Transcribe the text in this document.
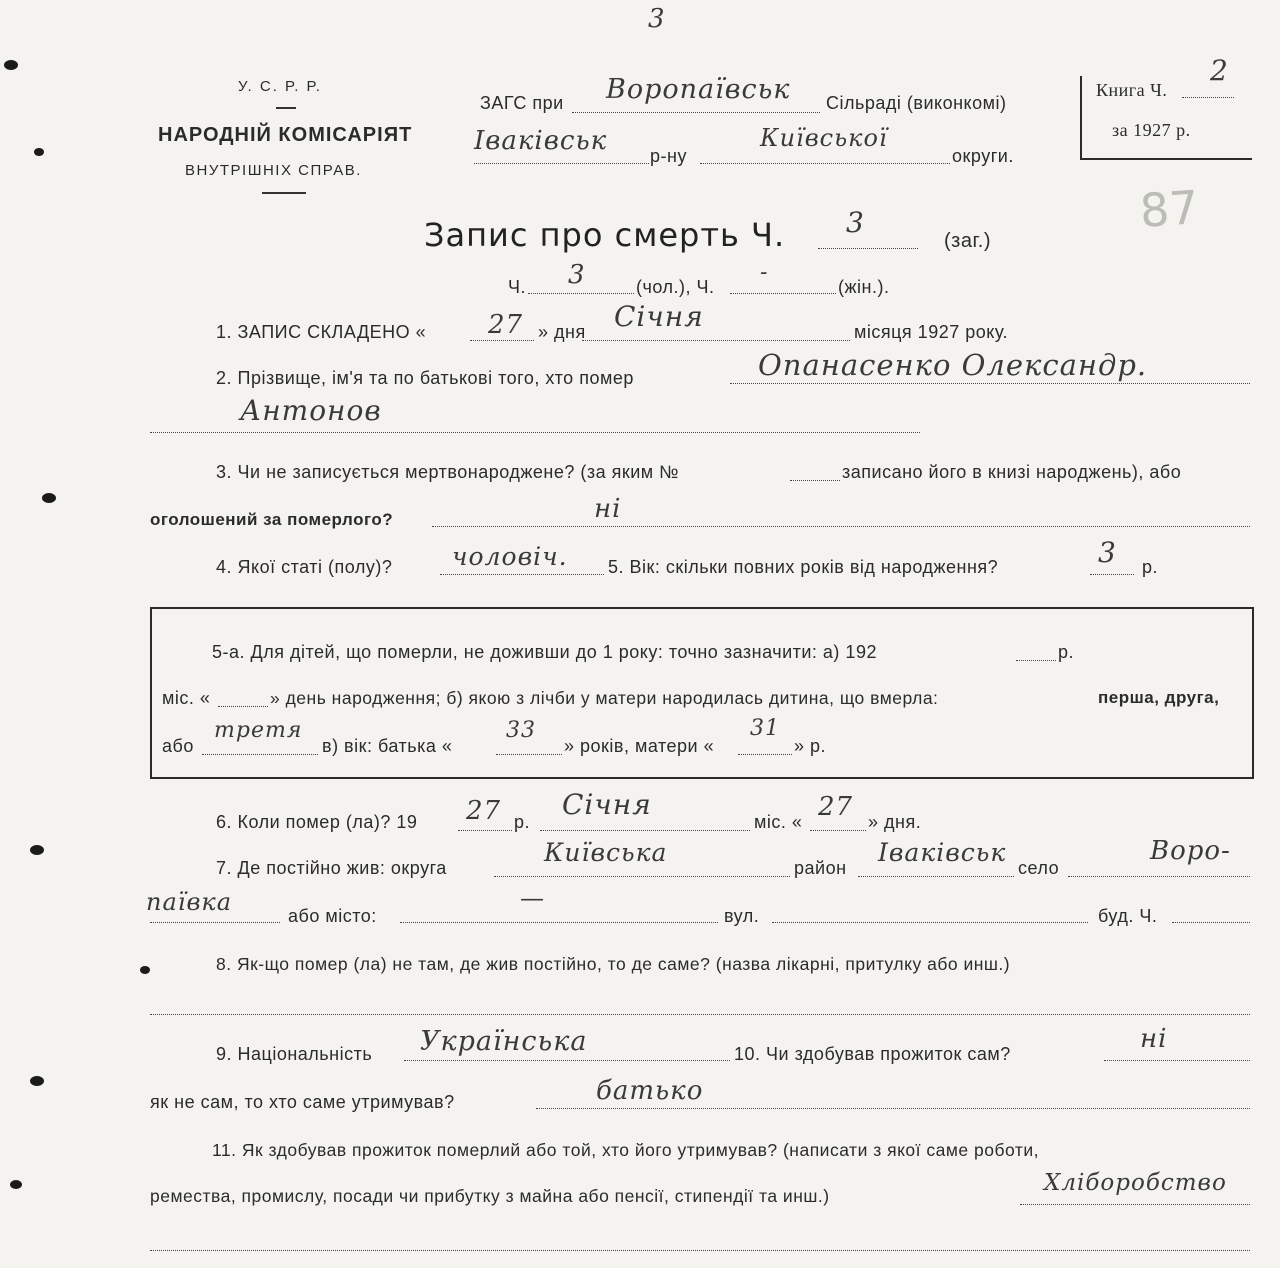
3
У. С. Р. Р.
НАРОДНІЙ КОМІСАРІЯТ
ВНУТРІШНІХ СПРАВ.
ЗАГС при Воропаївськ Сільраді (виконкомі)
Іваківськ р-ну
Київської
округи.
Книга Ч.
2
за 1927 р.
87
Запис про смерть Ч. 3
(заг.)
Ч. 3	(чол.), Ч.
-
(жін.).
1. ЗАПИС СКЛАДЕНО « 27 » дня Січня	місяця 1927 року.
2. Прізвище, ім'я та по батькові того, хто помер	Опанасенко Олександр.
Антонов
3. Чи не записується мертвонароджене? (за яким №	записано його в книзі народжень), або
оголошений за померлого?	ні
4. Якої статі (полу)? чоловіч. 5. Вік: скільки повних років від народження?	3 р.
5-а. Для дітей, що померли, не доживши до 1 року: точно зазначити: а) 192	р.
міс. «	» день народження; б) якою з лічби у матери народилась дитина, що вмерла:	перша, друга,
або
третя
в) вік: батька «
33
» років, матери «
31
» р.
6. Коли помер (ла)? 19 27 р.
Січня
міс. « 27 » дня.
7. Де постійно жив: округа
Київська
район
Іваківськ
село
Воро-
паївка	або місто:
—
вул.	буд. Ч.
8. Як-що помер (ла) не там, де жив постійно, то де саме? (назва лікарні, притулку або инш.)
9. Національність Українська	10. Чи здобував прожиток сам?	ні
як не сам, то хто саме утримував?	батько
11. Як здобував прожиток померлий або той, хто його утримував? (написати з якої саме роботи,
ремества, промислу, посади чи прибутку з майна або пенсії, стипендії та инш.)	Хліборобство
